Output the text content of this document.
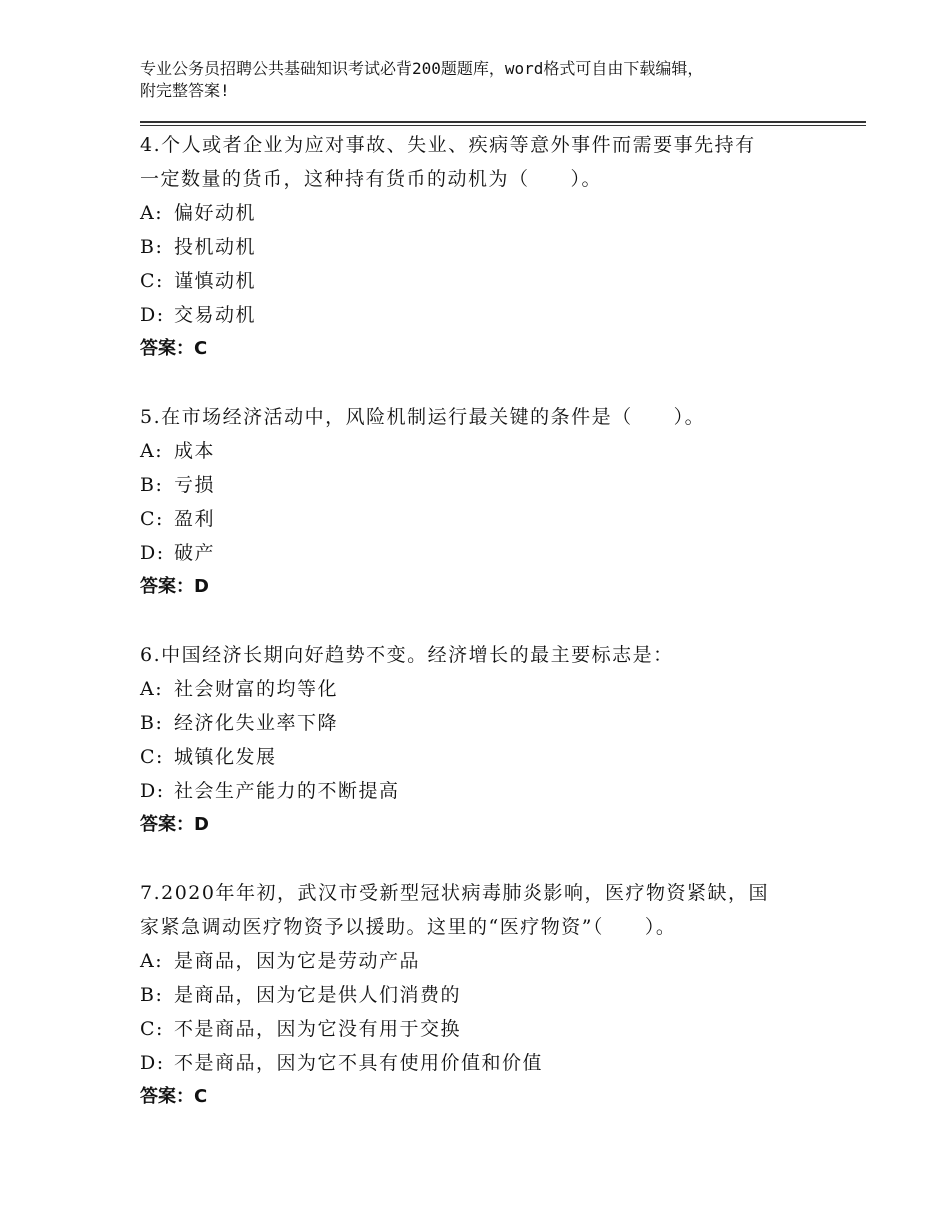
专业公务员招聘公共基础知识考试必背200题题库，word格式可自由下载编辑，
附完整答案!
4.个人或者企业为应对事故、失业、疾病等意外事件而需要事先持有
一定数量的货币，这种持有货币的动机为（　　）。
A: 偏好动机
B: 投机动机
C: 谨慎动机
D: 交易动机
答案：C
5.在市场经济活动中，风险机制运行最关键的条件是（　　）。
A: 成本
B: 亏损
C: 盈利
D: 破产
答案：D
6.中国经济长期向好趋势不变。经济增长的最主要标志是：
A: 社会财富的均等化
B: 经济化失业率下降
C: 城镇化发展
D: 社会生产能力的不断提高
答案：D
7.2020年年初，武汉市受新型冠状病毒肺炎影响，医疗物资紧缺，国
家紧急调动医疗物资予以援助。这里的“医疗物资”（　　）。
A: 是商品，因为它是劳动产品
B: 是商品，因为它是供人们消费的
C: 不是商品，因为它没有用于交换
D: 不是商品，因为它不具有使用价值和价值
答案：C
